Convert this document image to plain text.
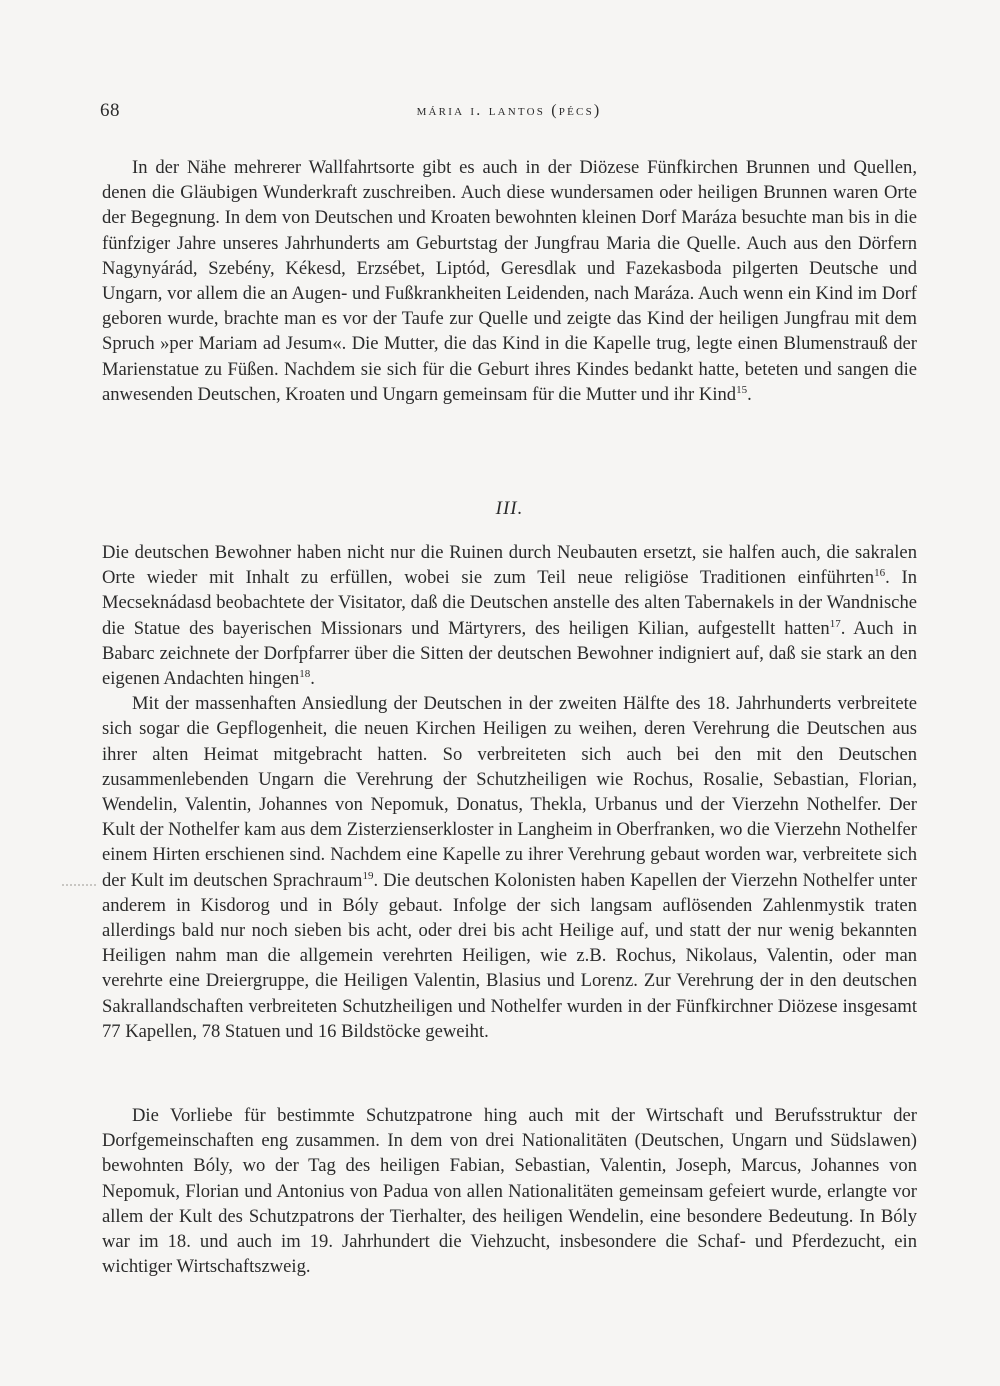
68	mária i. lantos (pécs)

In der Nähe mehrerer Wallfahrtsorte gibt es auch in der Diözese Fünfkirchen Brunnen und Quellen, denen die Gläubigen Wunderkraft zuschreiben. Auch diese wundersamen oder heiligen Brunnen waren Orte der Begegnung. In dem von Deutschen und Kroaten bewohnten kleinen Dorf Maráza besuchte man bis in die fünfziger Jahre unseres Jahrhunderts am Geburtstag der Jungfrau Maria die Quelle. Auch aus den Dörfern Nagynyárád, Szebény, Kékesd, Erzsébet, Liptód, Geresdlak und Fazekasboda pilgerten Deutsche und Ungarn, vor allem die an Augen- und Fußkrankheiten Leidenden, nach Maráza. Auch wenn ein Kind im Dorf geboren wurde, brachte man es vor der Taufe zur Quelle und zeigte das Kind der heiligen Jungfrau mit dem Spruch »per Mariam ad Jesum«. Die Mutter, die das Kind in die Kapelle trug, legte einen Blumenstrauß der Marienstatue zu Füßen. Nachdem sie sich für die Geburt ihres Kindes bedankt hatte, beteten und sangen die anwesenden Deutschen, Kroaten und Ungarn gemeinsam für die Mutter und ihr Kind$^{15}$.

III.

Die deutschen Bewohner haben nicht nur die Ruinen durch Neubauten ersetzt, sie halfen auch, die sakralen Orte wieder mit Inhalt zu erfüllen, wobei sie zum Teil neue religiöse Traditionen einführten$^{16}$. In Mecseknádasd beobachtete der Visitator, daß die Deutschen anstelle des alten Tabernakels in der Wandnische die Statue des bayerischen Missionars und Märtyrers, des heiligen Kilian, aufgestellt hatten$^{17}$. Auch in Babarc zeichnete der Dorfpfarrer über die Sitten der deutschen Bewohner indigniert auf, daß sie stark an den eigenen Andachten hingen$^{18}$.

Mit der massenhaften Ansiedlung der Deutschen in der zweiten Hälfte des 18. Jahrhunderts verbreitete sich sogar die Gepflogenheit, die neuen Kirchen Heiligen zu weihen, deren Verehrung die Deutschen aus ihrer alten Heimat mitgebracht hatten. So verbreiteten sich auch bei den mit den Deutschen zusammenlebenden Ungarn die Verehrung der Schutzheiligen wie Rochus, Rosalie, Sebastian, Florian, Wendelin, Valentin, Johannes von Nepomuk, Donatus, Thekla, Urbanus und der Vierzehn Nothelfer. Der Kult der Nothelfer kam aus dem Zisterzienserkloster in Langheim in Oberfranken, wo die Vierzehn Nothelfer einem Hirten erschienen sind. Nachdem eine Kapelle zu ihrer Verehrung gebaut worden war, verbreitete sich der Kult im deutschen Sprachraum$^{19}$. Die deutschen Kolonisten haben Kapellen der Vierzehn Nothelfer unter anderem in Kisdorog und in Bóly gebaut. Infolge der sich langsam auflösenden Zahlenmystik traten allerdings bald nur noch sieben bis acht, oder drei bis acht Heilige auf, und statt der nur wenig bekannten Heiligen nahm man die allgemein verehrten Heiligen, wie z.B. Rochus, Nikolaus, Valentin, oder man verehrte eine Dreiergruppe, die Heiligen Valentin, Blasius und Lorenz. Zur Verehrung der in den deutschen Sakrallandschaften verbreiteten Schutzheiligen und Nothelfer wurden in der Fünfkirchner Diözese insgesamt 77 Kapellen, 78 Statuen und 16 Bildstöcke geweiht.

Die Vorliebe für bestimmte Schutzpatrone hing auch mit der Wirtschaft und Berufsstruktur der Dorfgemeinschaften eng zusammen. In dem von drei Nationalitäten (Deutschen, Ungarn und Südslawen) bewohnten Bóly, wo der Tag des heiligen Fabian, Sebastian, Valentin, Joseph, Marcus, Johannes von Nepomuk, Florian und Antonius von Padua von allen Nationalitäten gemeinsam gefeiert wurde, erlangte vor allem der Kult des Schutzpatrons der Tierhalter, des heiligen Wendelin, eine besondere Bedeutung. In Bóly war im 18. und auch im 19. Jahrhundert die Viehzucht, insbesondere die Schaf- und Pferdezucht, ein wichtiger Wirtschaftszweig.
